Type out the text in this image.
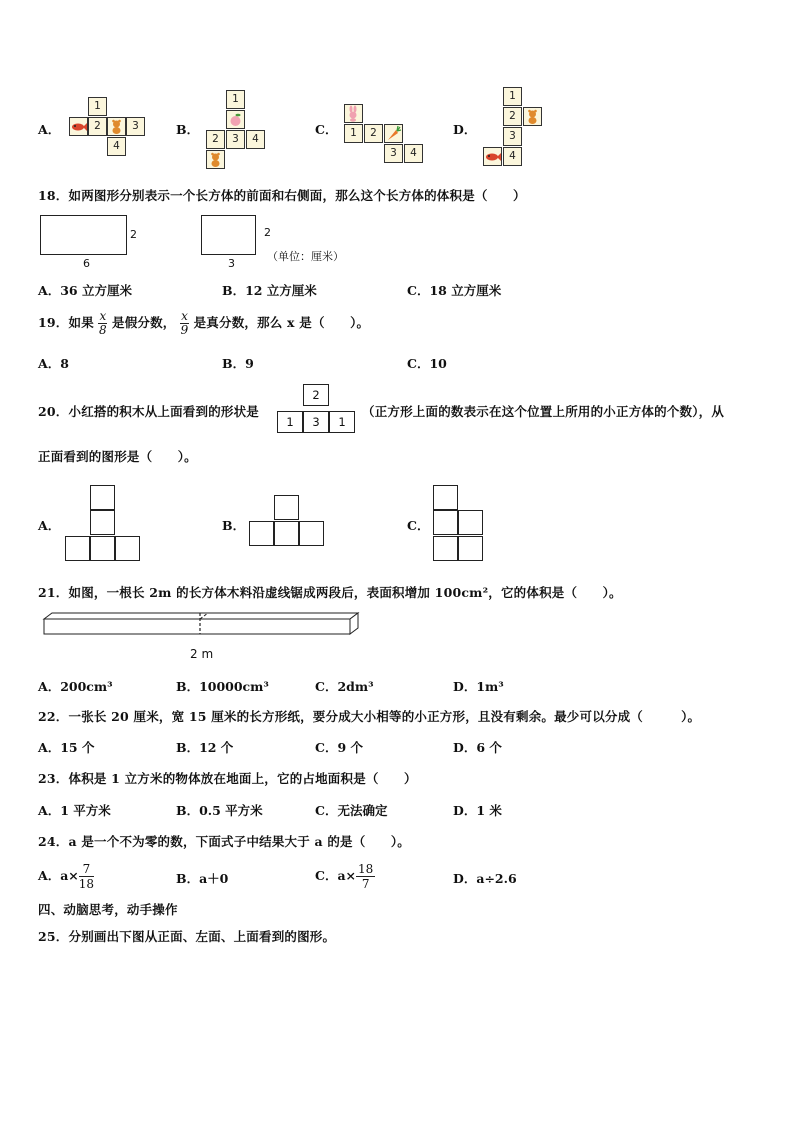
A．
1
2	3
4
B．
1
2	3	4
C．	1	2
3	4
D．
1
2
3
4
18．如两图形分别表示一个长方体的前面和右侧面，那么这个长方体的体积是（　　）
2
6
2
3
（单位：厘米）
A．36 立方厘米	B．12 立方厘米	C．18 立方厘米
19．如果 $\frac{x}{8}$ 是假分数， $\frac{x}{9}$ 是真分数，那么 x 是（　　）。
A．8	B．9	C．10
20．小红搭的积木从上面看到的形状是
2
1	3	1
（正方形上面的数表示在这个位置上所用的小正方体的个数），从
正面看到的图形是（　　）。
A．	B．	C．
21．如图，一根长 2m 的长方体木料沿虚线锯成两段后，表面积增加 100cm²，它的体积是（　　）。
2 m
A．200cm³	B．10000cm³	C．2dm³	D．1m³
22．一张长 20 厘米，宽 15 厘米的长方形纸，要分成大小相等的小正方形，且没有剩余。最少可以分成（　　　）。
A．15 个	B．12 个	C．9 个	D．6 个
23．体积是 1 立方米的物体放在地面上，它的占地面积是（　　）
A．1 平方米	B．0.5 平方米	C．无法确定	D．1 米
24．a 是一个不为零的数，下面式子中结果大于 a 的是（　　）。
A．$a\times \frac{7}{18}$	B．a＋0	C．$a\times \frac{18}{7}$	D．a÷2.6
四、动脑思考，动手操作
25．分别画出下图从正面、左面、上面看到的图形。
